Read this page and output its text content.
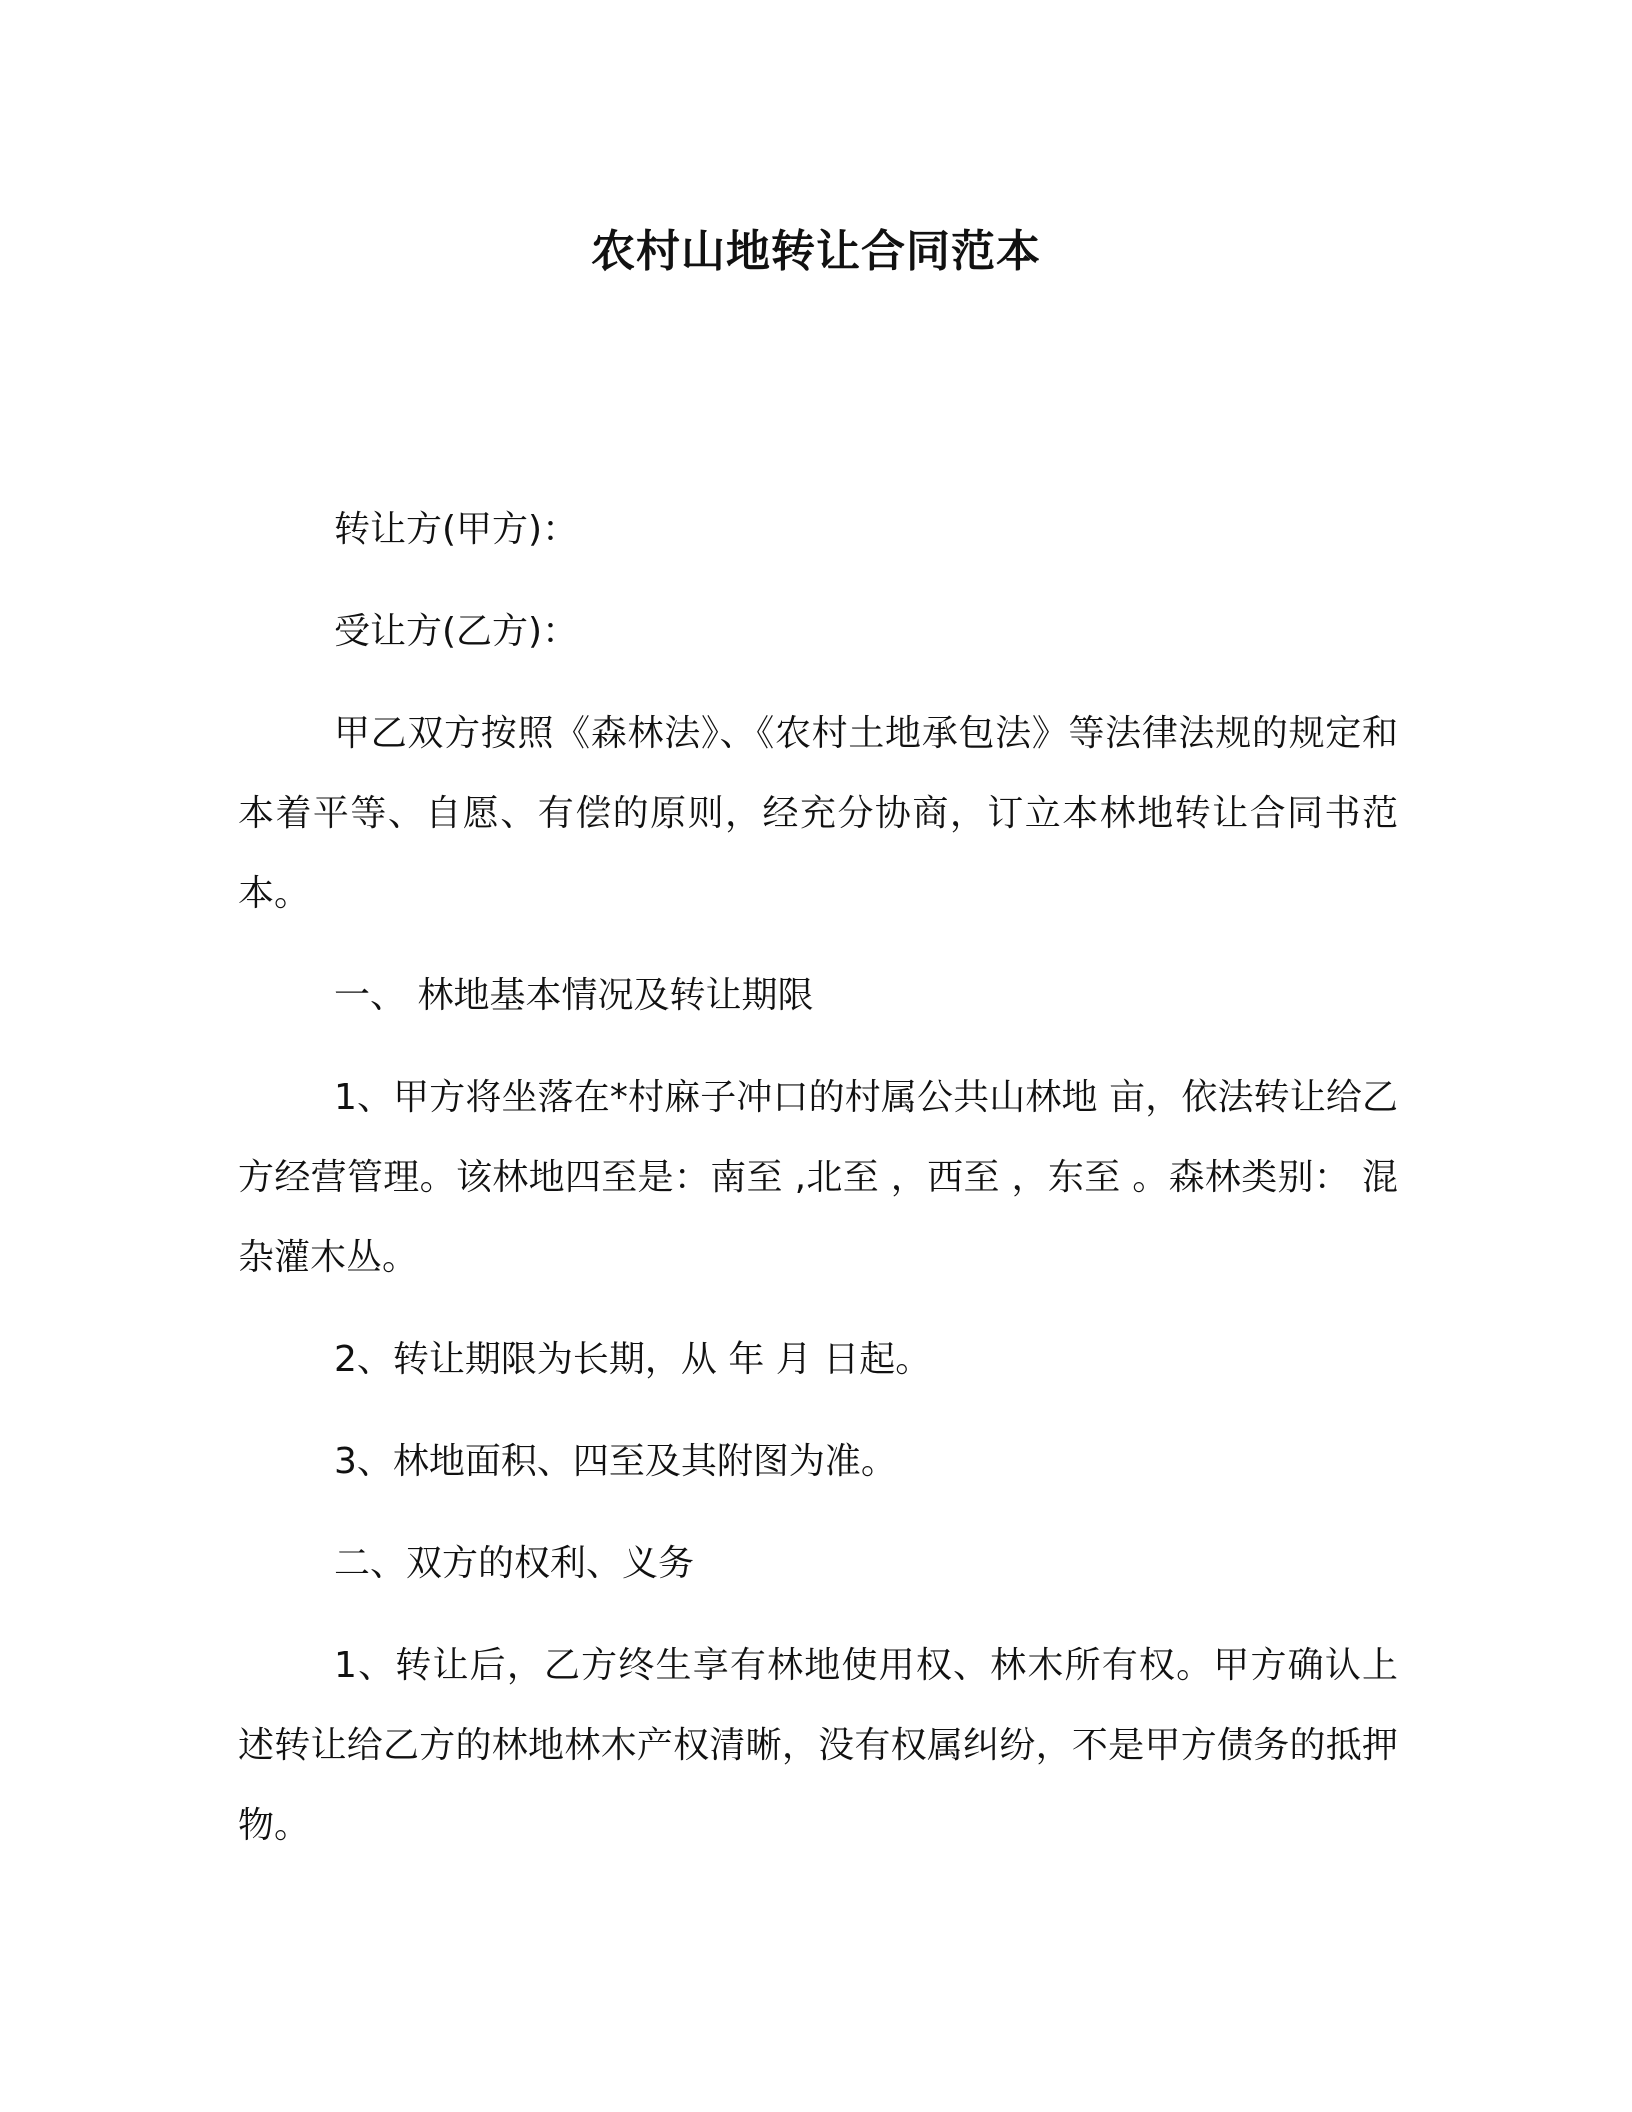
农村山地转让合同范本

转让方(甲方)：

受让方(乙方)：

甲乙双方按照《森林法》、《农村土地承包法》等法律法规的规定和本着平等、自愿、有偿的原则，经充分协商，订立本林地转让合同书范本。

一、 林地基本情况及转让期限

1、甲方将坐落在*村麻子冲口的村属公共山林地 亩，依法转让给乙方经营管理。该林地四至是：南至 ,北至 ，西至 ，东至 。森林类别： 混杂灌木丛。

2、转让期限为长期，从 年 月 日起。

3、林地面积、四至及其附图为准。

二、双方的权利、义务

1、转让后，乙方终生享有林地使用权、林木所有权。甲方确认上述转让给乙方的林地林木产权清晰，没有权属纠纷，不是甲方债务的抵押物。
